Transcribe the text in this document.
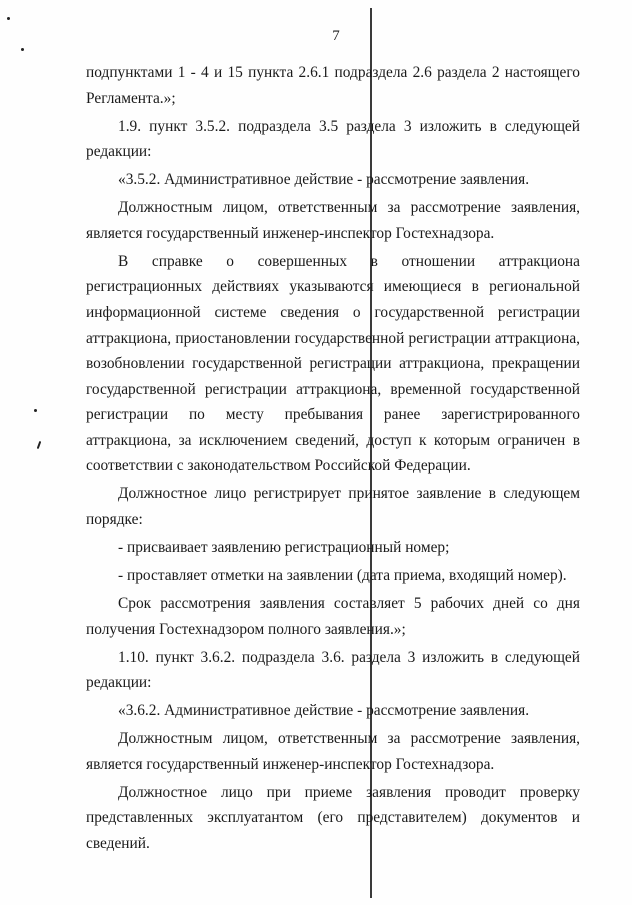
7

подпунктами 1 - 4 и 15 пункта 2.6.1 подраздела 2.6 раздела 2 настоящего Регламента.»;

1.9. пункт 3.5.2. подраздела 3.5 раздела 3 изложить в следующей редакции:

«3.5.2. Административное действие - рассмотрение заявления.

Должностным лицом, ответственным за рассмотрение заявления, является государственный инженер-инспектор Гостехнадзора.

В справке о совершенных в отношении аттракциона регистрационных действиях указываются имеющиеся в региональной информационной системе сведения о государственной регистрации аттракциона, приостановлении государственной регистрации аттракциона, возобновлении государственной регистрации аттракциона, прекращении государственной регистрации аттракциона, временной государственной регистрации по месту пребывания ранее зарегистрированного аттракциона, за исключением сведений, доступ к которым ограничен в соответствии с законодательством Российской Федерации.

Должностное лицо регистрирует принятое заявление в следующем порядке:

- присваивает заявлению регистрационный номер;

- проставляет отметки на заявлении (дата приема, входящий номер).

Срок рассмотрения заявления составляет 5 рабочих дней со дня получения Гостехнадзором полного заявления.»;

1.10. пункт 3.6.2. подраздела 3.6. раздела 3 изложить в следующей редакции:

«3.6.2. Административное действие - рассмотрение заявления.

Должностным лицом, ответственным за рассмотрение заявления, является государственный инженер-инспектор Гостехнадзора.

Должностное лицо при приеме заявления проводит проверку представленных эксплуатантом (его представителем) документов и сведений.
